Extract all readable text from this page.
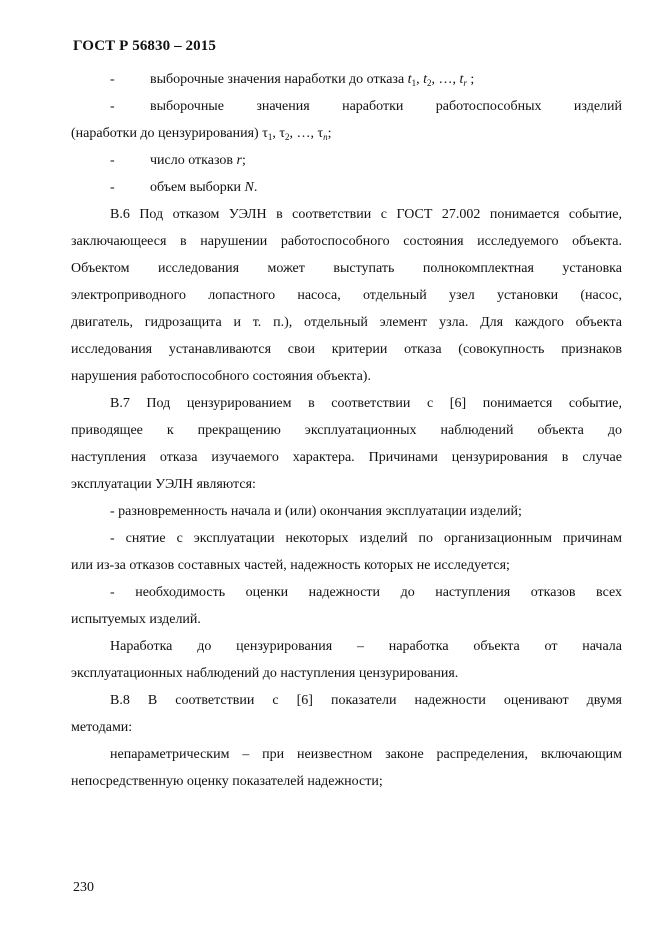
ГОСТ Р 56830 – 2015
-	выборочные значения наработки до отказа $t_1$, $t_2$, …, $t_r$ ;
-	выборочные значения наработки работоспособных изделий
(наработки до цензурирования) $\tau_1$, $\tau_2$, …, $\tau_n$;
-	число отказов r;
-	объем выборки N.
В.6 Под отказом УЭЛН в соответствии с ГОСТ 27.002 понимается событие,
заключающееся в нарушении работоспособного состояния исследуемого объекта.
Объектом исследования может выступать полнокомплектная установка
электроприводного лопастного насоса, отдельный узел установки (насос,
двигатель, гидрозащита и т. п.), отдельный элемент узла. Для каждого объекта
исследования устанавливаются свои критерии отказа (совокупность признаков
нарушения работоспособного состояния объекта).
В.7 Под цензурированием в соответствии с [6] понимается событие,
приводящее к прекращению эксплуатационных наблюдений объекта до
наступления отказа изучаемого характера. Причинами цензурирования в случае
эксплуатации УЭЛН являются:
- разновременность начала и (или) окончания эксплуатации изделий;
- снятие с эксплуатации некоторых изделий по организационным причинам
или из-за отказов составных частей, надежность которых не исследуется;
- необходимость оценки надежности до наступления отказов всех
испытуемых изделий.
Наработка до цензурирования – наработка объекта от начала
эксплуатационных наблюдений до наступления цензурирования.
В.8 В соответствии с [6] показатели надежности оценивают двумя
методами:
непараметрическим – при неизвестном законе распределения, включающим
непосредственную оценку показателей надежности;
230
